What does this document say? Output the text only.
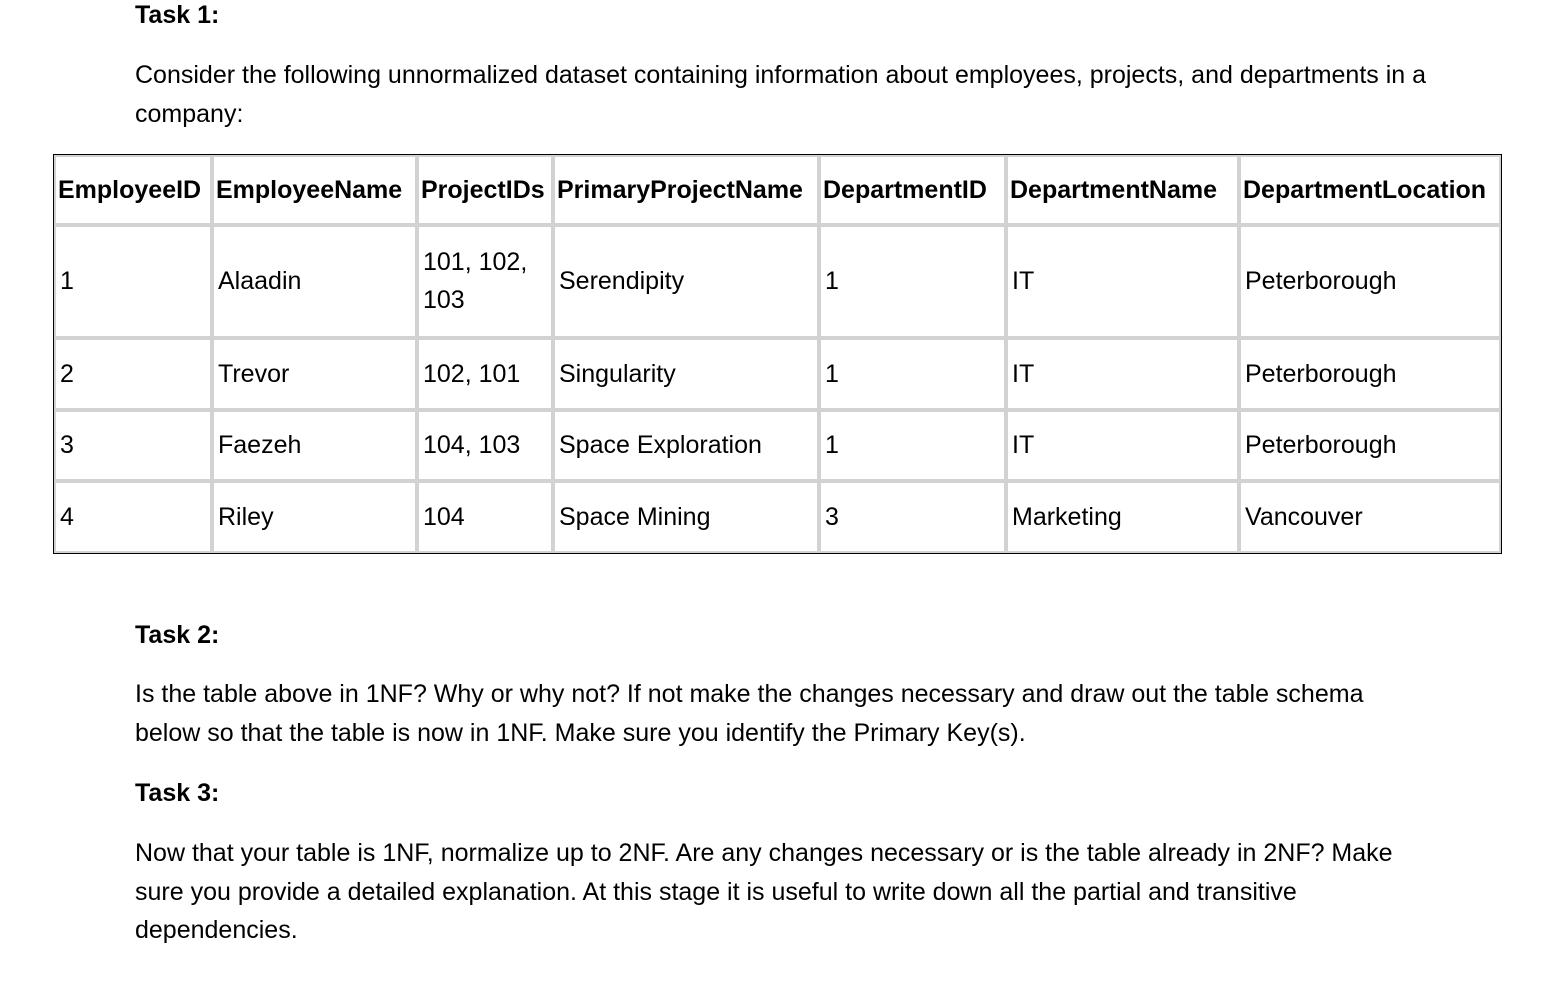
Task 1:

Consider the following unnormalized dataset containing information about employees, projects, and departments in a company:

EmployeeID	EmployeeName	ProjectIDs	PrimaryProjectName	DepartmentID	DepartmentName	DepartmentLocation
1	Alaadin	101, 102, 103	Serendipity	1	IT	Peterborough
2	Trevor	102, 101	Singularity	1	IT	Peterborough
3	Faezeh	104, 103	Space Exploration	1	IT	Peterborough
4	Riley	104	Space Mining	3	Marketing	Vancouver
Task 2:

Is the table above in 1NF? Why or why not? If not make the changes necessary and draw out the table schema below so that the table is now in 1NF. Make sure you identify the Primary Key(s).

Task 3:

Now that your table is 1NF, normalize up to 2NF. Are any changes necessary or is the table already in 2NF? Make sure you provide a detailed explanation. At this stage it is useful to write down all the partial and transitive dependencies.
